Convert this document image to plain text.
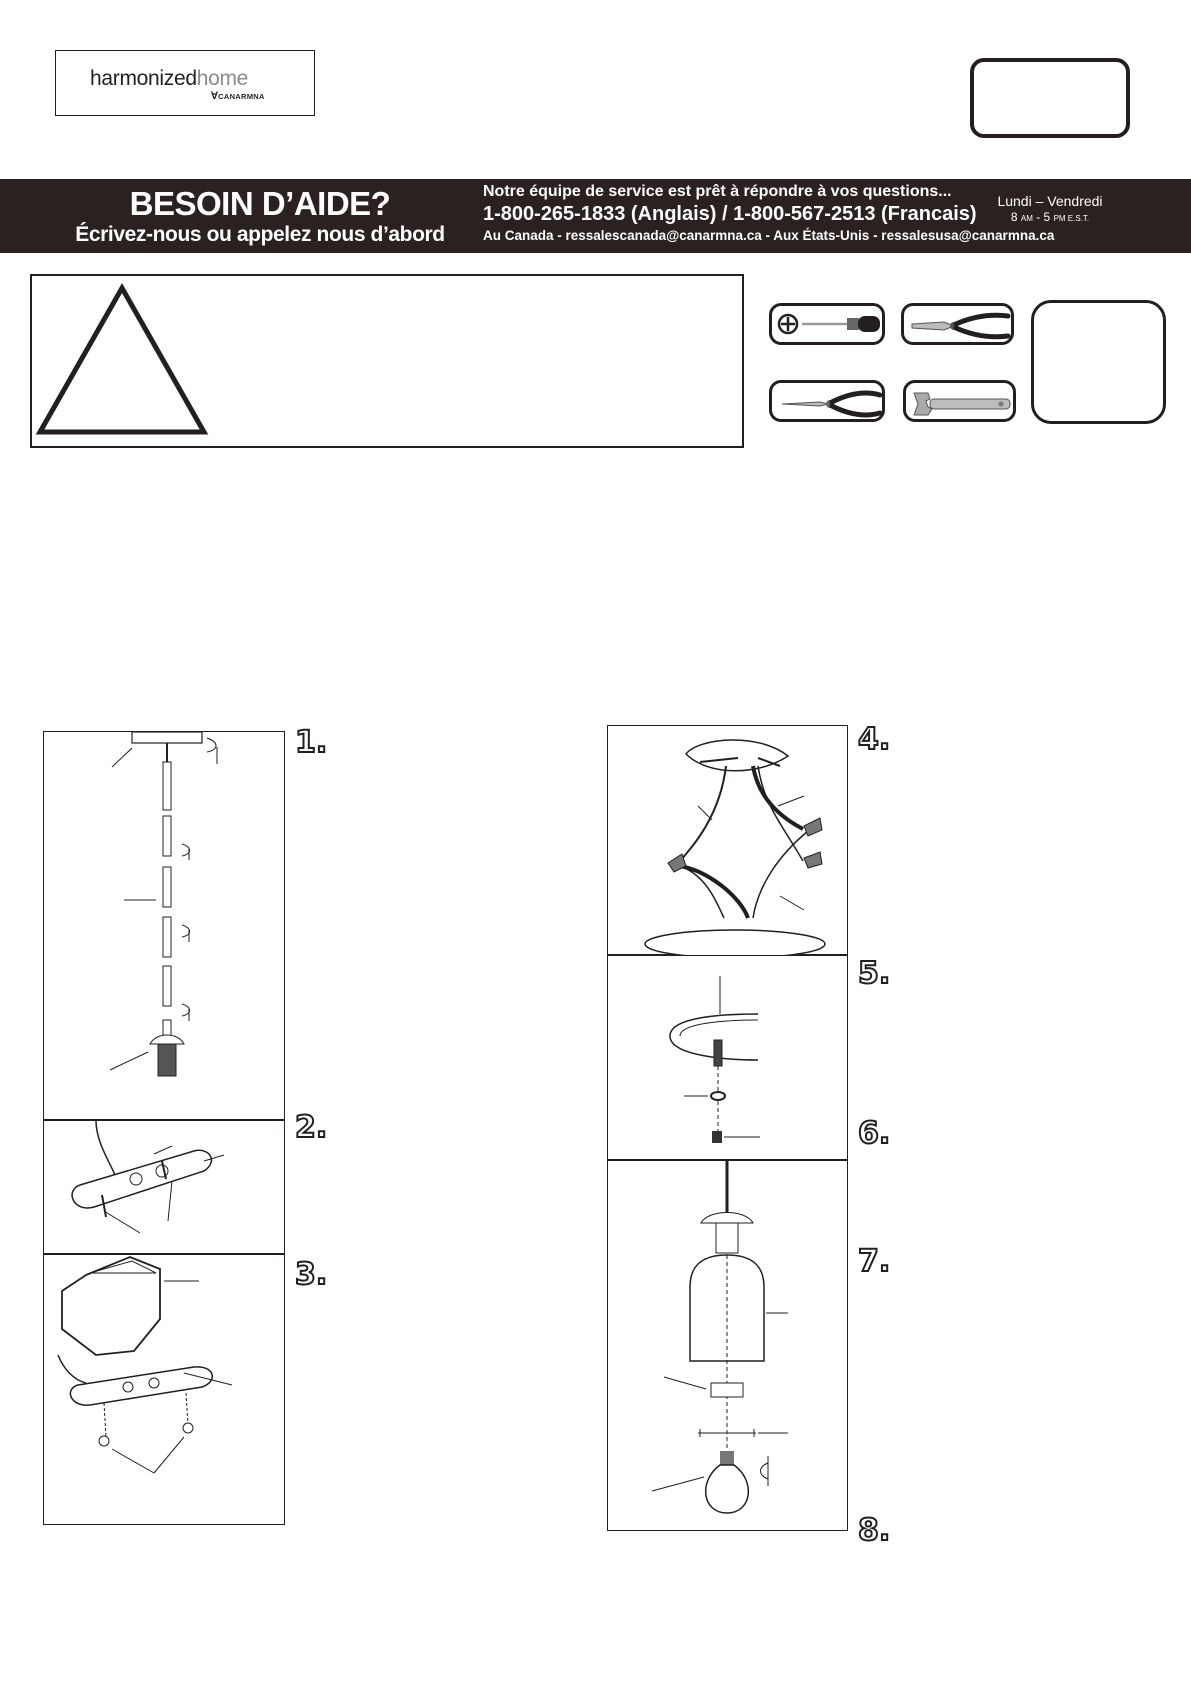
harmonizedhome
∀CANARMNA
BESOIN D’AIDE?
Écrivez-nous ou appelez nous d’abord
Notre équipe de service est prêt à répondre à vos questions...
1-800-265-1833 (Anglais) / 1-800-567-2513 (Francais)
Au Canada - ressalescanada@canarmna.ca - Aux États-Unis - ressalesusa@canarmna.ca
Lundi – Vendredi
8 AM - 5 PM E.S.T.
1.
2.
3.
4.
5.
6.
7.
8.
